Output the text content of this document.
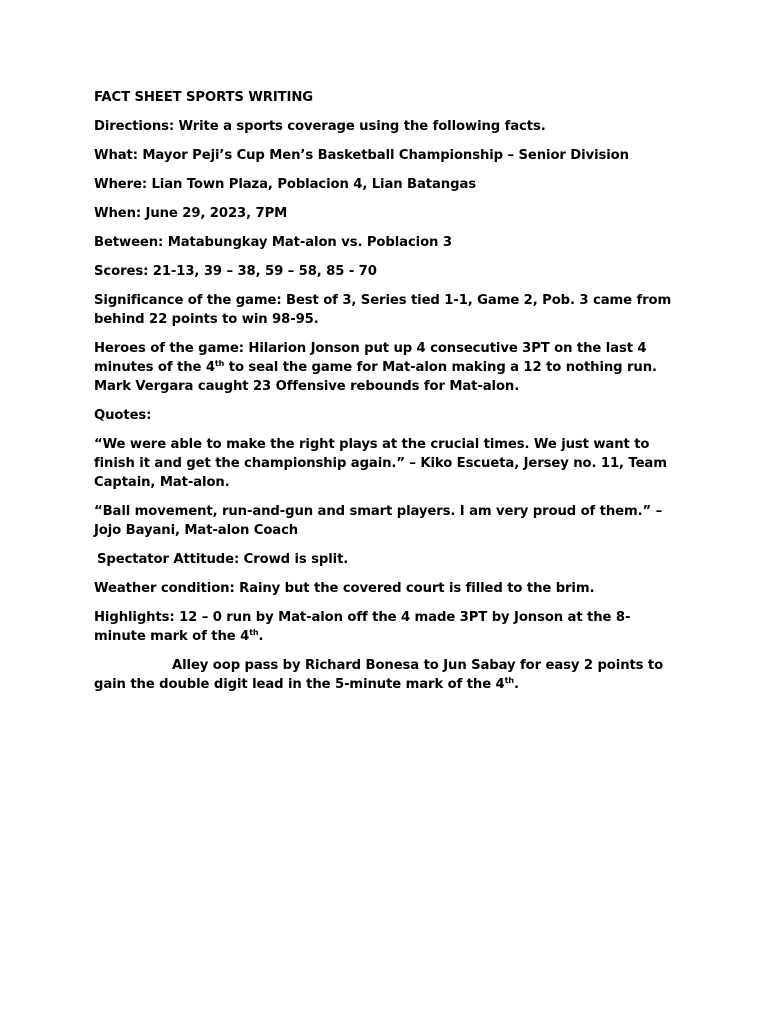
FACT SHEET SPORTS WRITING

Directions: Write a sports coverage using the following facts.

What: Mayor Peji’s Cup Men’s Basketball Championship – Senior Division

Where: Lian Town Plaza, Poblacion 4, Lian Batangas

When: June 29, 2023, 7PM

Between: Matabungkay Mat-alon vs. Poblacion 3

Scores: 21-13, 39 – 38, 59 – 58, 85 - 70

Significance of the game: Best of 3, Series tied 1-1, Game 2, Pob. 3 came from behind 22 points to win 98-95.

Heroes of the game: Hilarion Jonson put up 4 consecutive 3PT on the last 4 minutes of the 4th to seal the game for Mat-alon making a 12 to nothing run. Mark Vergara caught 23 Offensive rebounds for Mat-alon.

Quotes:

“We were able to make the right plays at the crucial times. We just want to finish it and get the championship again.” – Kiko Escueta, Jersey no. 11, Team Captain, Mat-alon.

“Ball movement, run-and-gun and smart players. I am very proud of them.” – Jojo Bayani, Mat-alon Coach

Spectator Attitude: Crowd is split.

Weather condition: Rainy but the covered court is filled to the brim.

Highlights: 12 – 0 run by Mat-alon off the 4 made 3PT by Jonson at the 8-minute mark of the 4th.

Alley oop pass by Richard Bonesa to Jun Sabay for easy 2 points to gain the double digit lead in the 5-minute mark of the 4th.
